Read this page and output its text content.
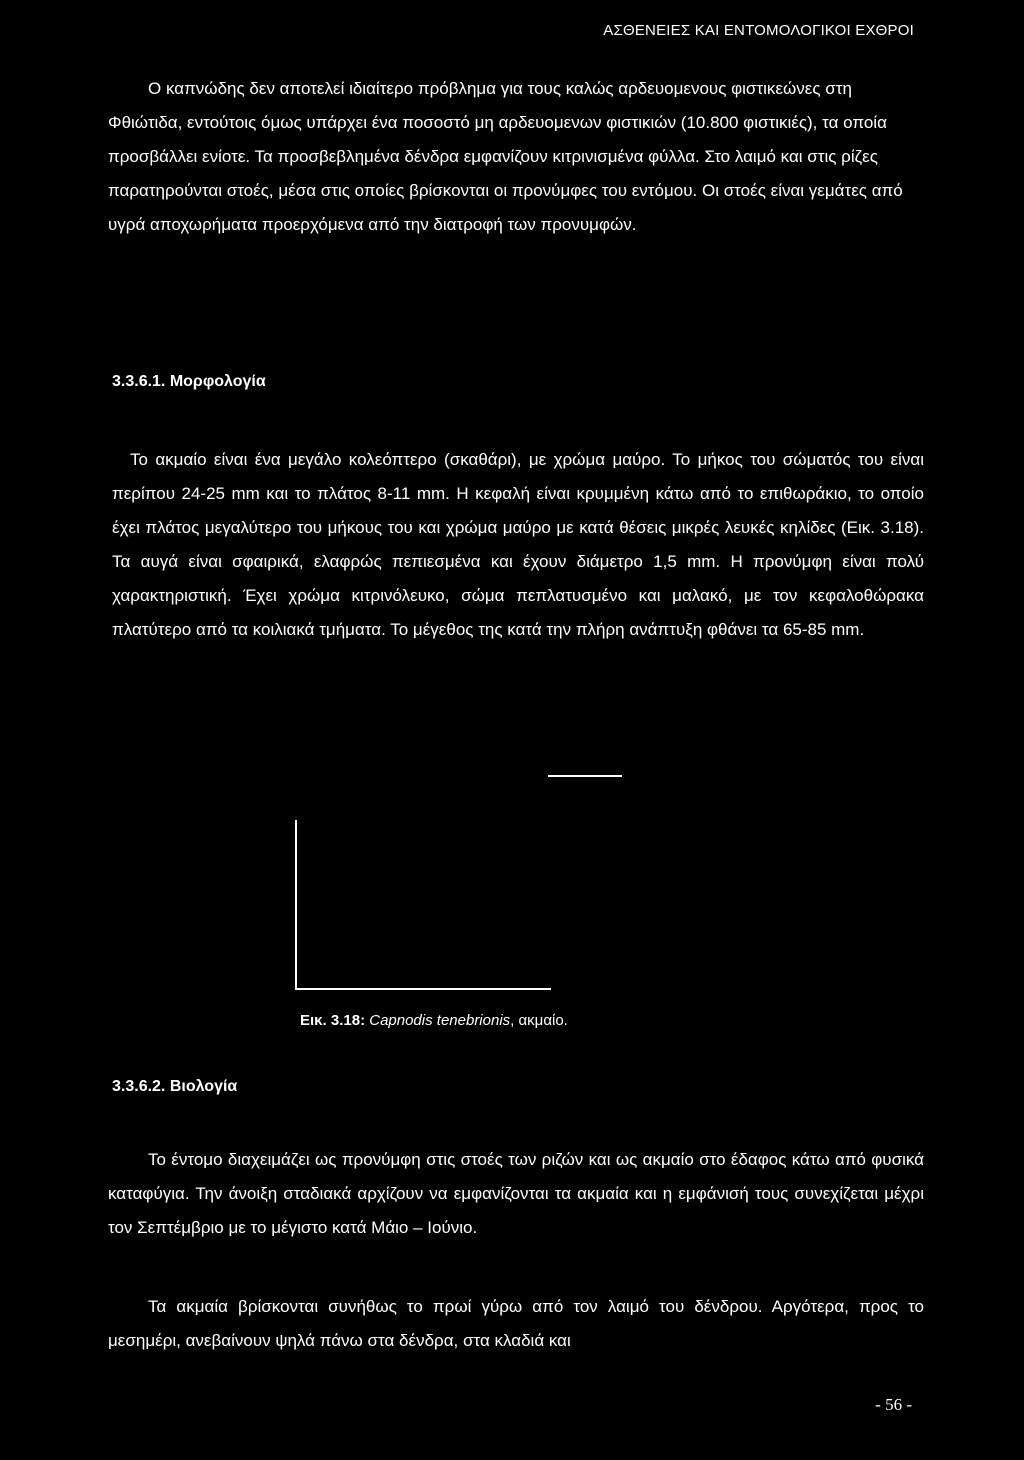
ΑΣΘΕΝΕΙΕΣ ΚΑΙ ΕΝΤΟΜΟΛΟΓΙΚΟΙ ΕΧΘΡΟΙ

Ο καπνώδης δεν αποτελεί ιδιαίτερο πρόβλημα για τους καλώς αρδευομενους φιστικεώνες στη Φθιώτιδα, εντούτοις όμως υπάρχει ένα ποσοστό μη αρδευομενων φιστικιών (10.800 φιστικιές), τα οποία προσβάλλει ενίοτε. Τα προσβεβλημένα δένδρα εμφανίζουν κιτρινισμένα φύλλα. Στο λαιμό και στις ρίζες παρατηρούνται στοές, μέσα στις οποίες βρίσκονται οι προνύμφες του εντόμου. Οι στοές είναι γεμάτες από υγρά αποχωρήματα προερχόμενα από την διατροφή των προνυμφών.

3.3.6.1. Μορφολογία

Το ακμαίο είναι ένα μεγάλο κολεόπτερο (σκαθάρι), με χρώμα μαύρο. Το μήκος του σώματός του είναι περίπου 24-25 mm και το πλάτος 8-11 mm. Η κεφαλή είναι κρυμμένη κάτω από το επιθωράκιο, το οποίο έχει πλάτος μεγαλύτερο του μήκους του και χρώμα μαύρο με κατά θέσεις μικρές λευκές κηλίδες (Εικ. 3.18). Τα αυγά είναι σφαιρικά, ελαφρώς πεπιεσμένα και έχουν διάμετρο 1,5 mm. Η προνύμφη είναι πολύ χαρακτηριστική. Έχει χρώμα κιτρινόλευκο, σώμα πεπλατυσμένο και μαλακό, με τον κεφαλοθώρακα πλατύτερο από τα κοιλιακά τμήματα. Το μέγεθος της κατά την πλήρη ανάπτυξη φθάνει τα 65-85 mm.

Εικ. 3.18: Capnodis tenebrionis, ακμαίο.
3.3.6.2. Βιολογία

Το έντομο διαχειμάζει ως προνύμφη στις στοές των ριζών και ως ακμαίο στο έδαφος κάτω από φυσικά καταφύγια. Την άνοιξη σταδιακά αρχίζουν να εμφανίζονται τα ακμαία και η εμφάνισή τους συνεχίζεται μέχρι τον Σεπτέμβριο με το μέγιστο κατά Μάιο – Ιούνιο.

Τα ακμαία βρίσκονται συνήθως το πρωί γύρω από τον λαιμό του δένδρου. Αργότερα, προς το μεσημέρι, ανεβαίνουν ψηλά πάνω στα δένδρα, στα κλαδιά και

- 56 -
